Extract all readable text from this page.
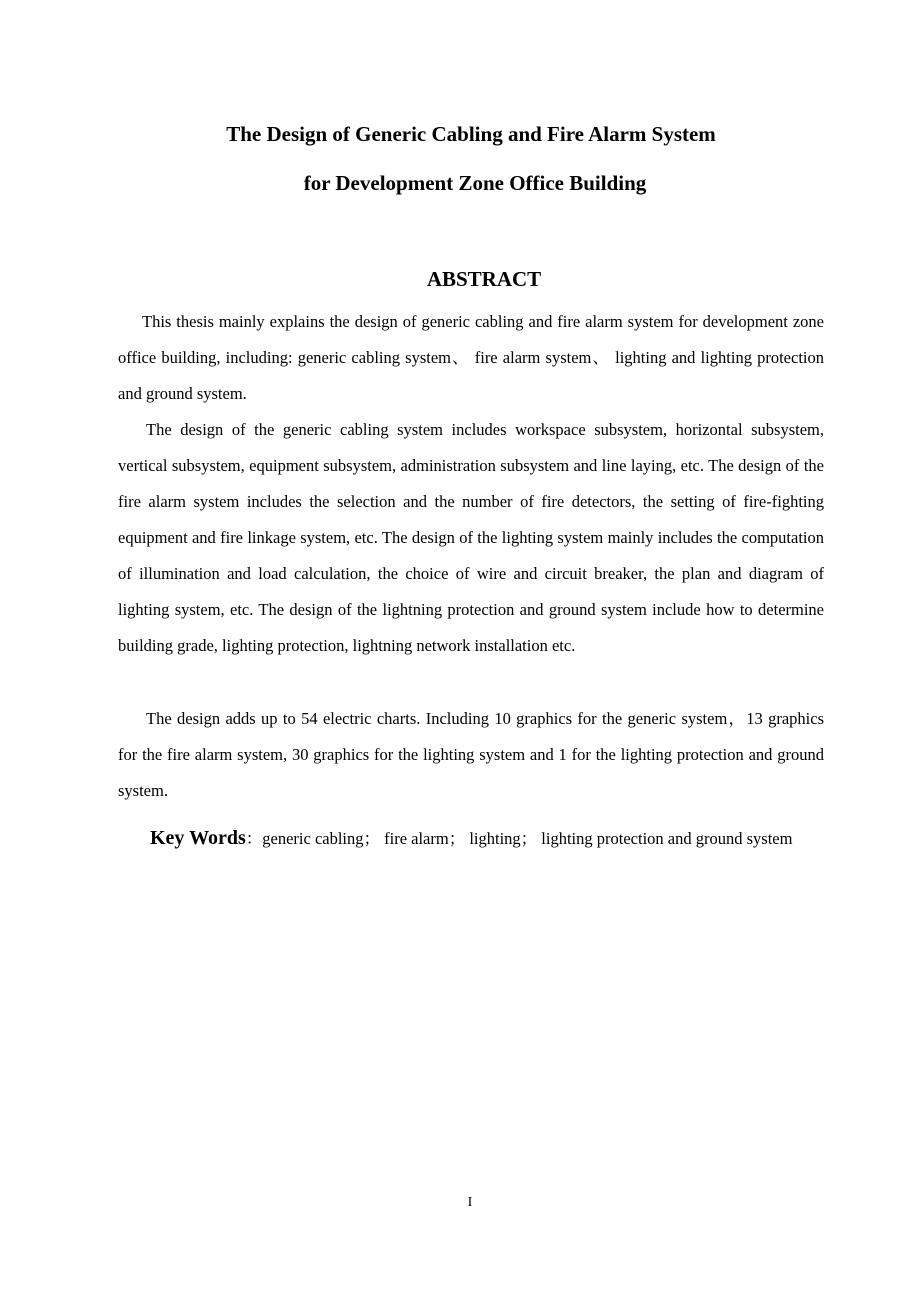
The Design of Generic Cabling and Fire Alarm System
for Development Zone Office Building
ABSTRACT
This thesis mainly explains the design of generic cabling and fire alarm system for development zone office building, including: generic cabling system、 fire alarm system、 lighting and lighting protection and ground system.
The design of the generic cabling system includes workspace subsystem, horizontal subsystem, vertical subsystem, equipment subsystem, administration subsystem and line laying, etc. The design of the fire alarm system includes the selection and the number of fire detectors, the setting of fire-fighting equipment and fire linkage system, etc. The design of the lighting system mainly includes the computation of illumination and load calculation, the choice of wire and circuit breaker, the plan and diagram of lighting system, etc. The design of the lightning protection and ground system include how to determine building grade, lighting protection, lightning network installation etc.
The design adds up to 54 electric charts. Including 10 graphics for the generic system，13 graphics for the fire alarm system, 30 graphics for the lighting system and 1 for the lighting protection and ground system.
Key Words：generic cabling； fire alarm； lighting； lighting protection and ground system
I
